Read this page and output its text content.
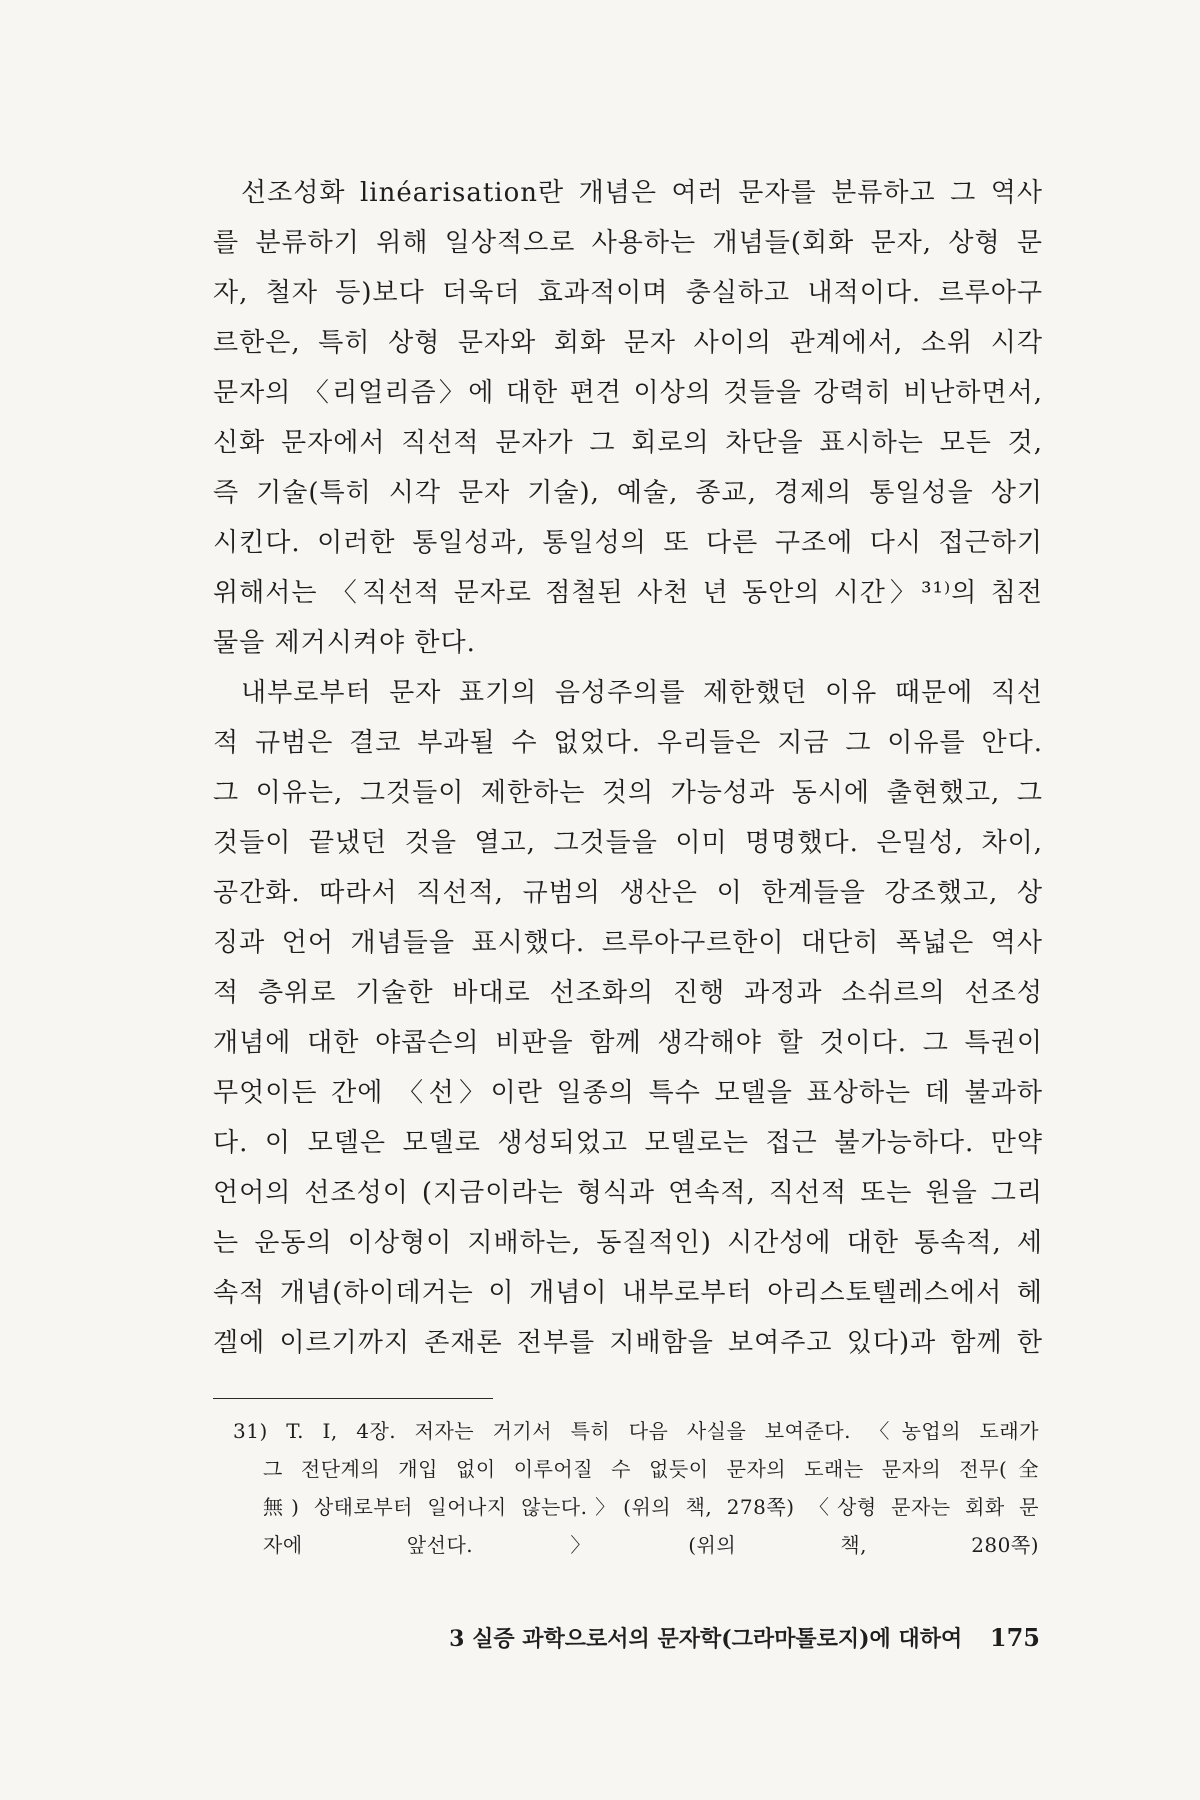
선조성화 linéarisation란 개념은 여러 문자를 분류하고 그 역사
를 분류하기 위해 일상적으로 사용하는 개념들(회화 문자, 상형 문
자, 철자 등)보다 더욱더 효과적이며 충실하고 내적이다. 르루아구
르한은, 특히 상형 문자와 회화 문자 사이의 관계에서, 소위 시각
문자의 〈리얼리즘〉에 대한 편견 이상의 것들을 강력히 비난하면서,
신화 문자에서 직선적 문자가 그 회로의 차단을 표시하는 모든 것,
즉 기술(특히 시각 문자 기술), 예술, 종교, 경제의 통일성을 상기
시킨다. 이러한 통일성과, 통일성의 또 다른 구조에 다시 접근하기
위해서는 〈직선적 문자로 점철된 사천 년 동안의 시간〉³¹⁾의 침전
물을 제거시켜야 한다.
내부로부터 문자 표기의 음성주의를 제한했던 이유 때문에 직선
적 규범은 결코 부과될 수 없었다. 우리들은 지금 그 이유를 안다.
그 이유는, 그것들이 제한하는 것의 가능성과 동시에 출현했고, 그
것들이 끝냈던 것을 열고, 그것들을 이미 명명했다. 은밀성, 차이,
공간화. 따라서 직선적, 규범의 생산은 이 한계들을 강조했고, 상
징과 언어 개념들을 표시했다. 르루아구르한이 대단히 폭넓은 역사
적 층위로 기술한 바대로 선조화의 진행 과정과 소쉬르의 선조성
개념에 대한 야콥슨의 비판을 함께 생각해야 할 것이다. 그 특권이
무엇이든 간에 〈선〉이란 일종의 특수 모델을 표상하는 데 불과하
다. 이 모델은 모델로 생성되었고 모델로는 접근 불가능하다. 만약
언어의 선조성이 (지금이라는 형식과 연속적, 직선적 또는 원을 그리
는 운동의 이상형이 지배하는, 동질적인) 시간성에 대한 통속적, 세
속적 개념(하이데거는 이 개념이 내부로부터 아리스토텔레스에서 헤
겔에 이르기까지 존재론 전부를 지배함을 보여주고 있다)과 함께 한
31) T. I, 4장. 저자는 거기서 특히 다음 사실을 보여준다. 〈농업의 도래가
그 전단계의 개입 없이 이루어질 수 없듯이 문자의 도래는 문자의 전무(全
無) 상태로부터 일어나지 않는다.〉(위의 책, 278쪽) 〈상형 문자는 회화 문
자에 앞선다.〉(위의 책, 280쪽)
3 실증 과학으로서의 문자학(그라마톨로지)에 대하여 175
